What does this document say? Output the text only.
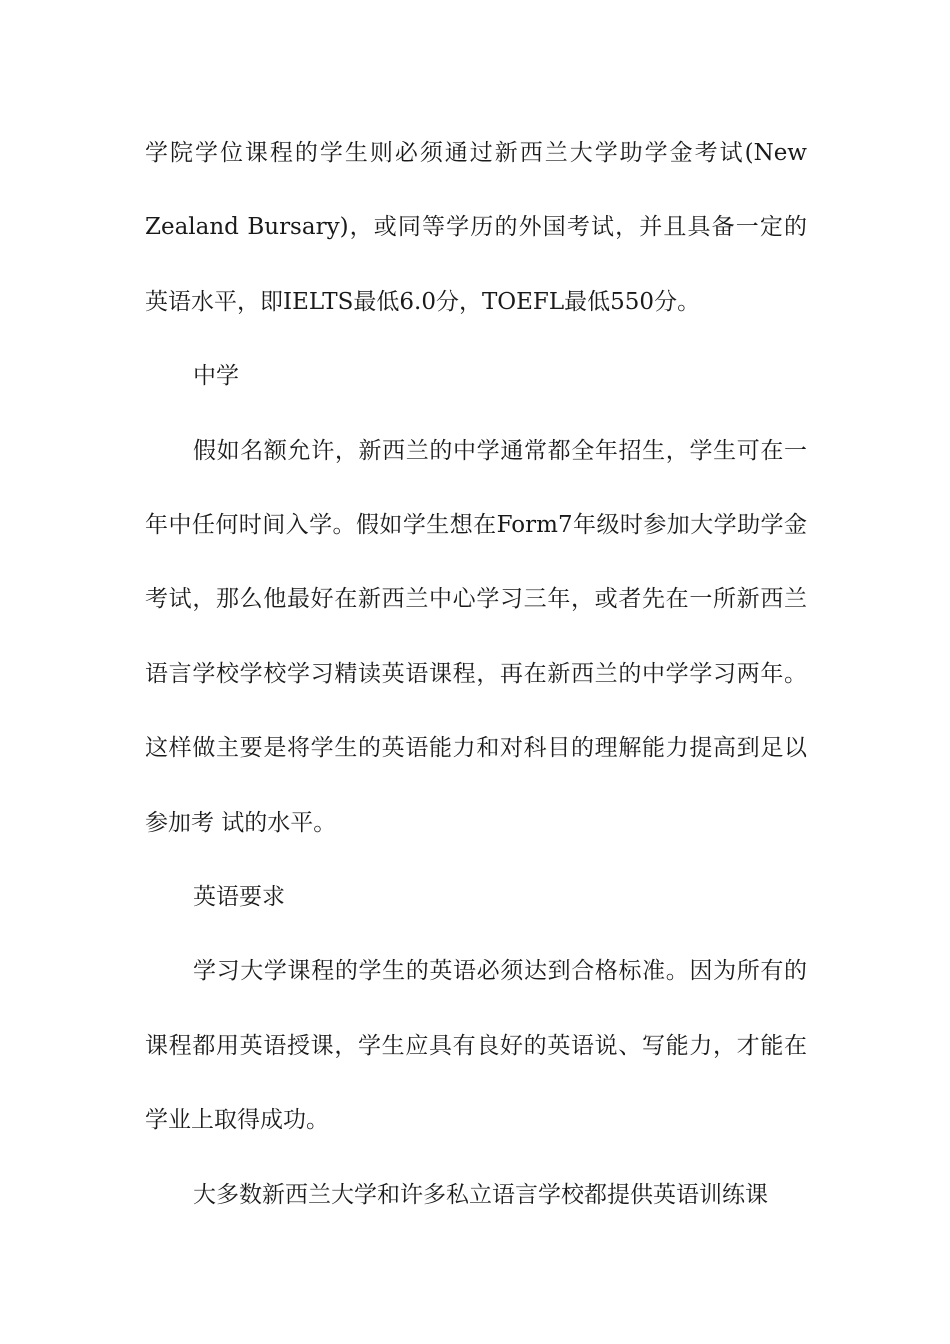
学院学位课程的学生则必须通过新西兰大学助学金考试(New Zealand Bursary)，或同等学历的外国考试，并且具备一定的英语水平，即IELTS最低6.0分，TOEFL最低550分。

中学

假如名额允许，新西兰的中学通常都全年招生，学生可在一年中任何时间入学。假如学生想在Form7年级时参加大学助学金考试，那么他最好在新西兰中心学习三年，或者先在一所新西兰语言学校学校学习精读英语课程，再在新西兰的中学学习两年。这样做主要是将学生的英语能力和对科目的理解能力提高到足以参加考 试的水平。

英语要求

学习大学课程的学生的英语必须达到合格标准。因为所有的课程都用英语授课，学生应具有良好的英语说、写能力，才能在学业上取得成功。

大多数新西兰大学和许多私立语言学校都提供英语训练课
